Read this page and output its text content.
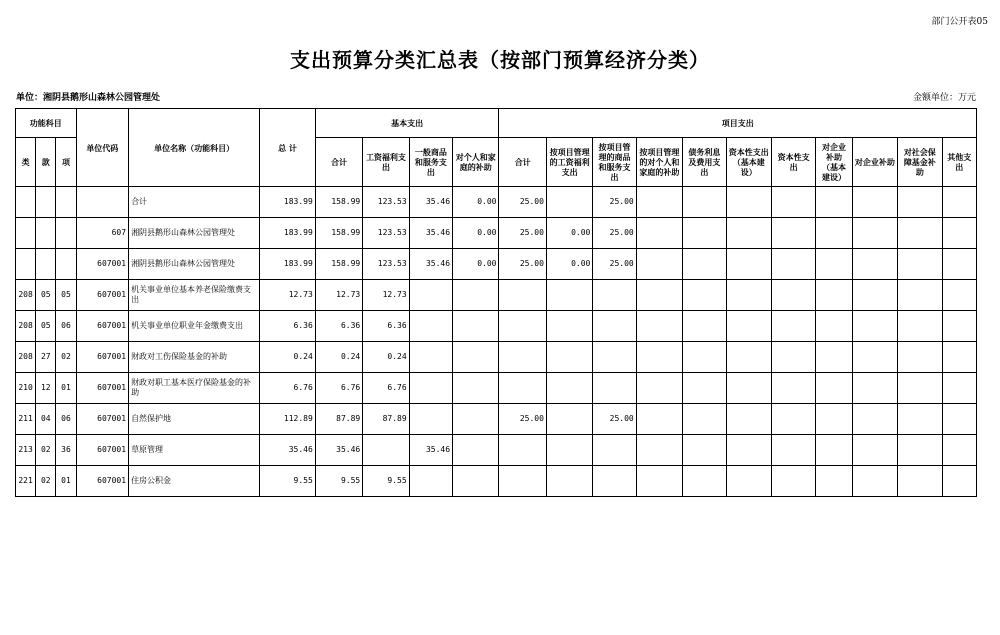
部门公开表05
支出预算分类汇总表（按部门预算经济分类）
单位：湘阴县鹅形山森林公园管理处	金额单位：万元
功能科目			单位代码	单位名称（功能科目）	总 计	基本支出				项目支出										
类	款	项				合计	工资福利支出	一般商品和服务支出	对个人和家庭的补助	合计	按项目管理的工资福利支出	按项目管理的商品和服务支出	按项目管理的对个人和家庭的补助	债务利息及费用支出	资本性支出（基本建设）	资本性支出	对企业补助（基本建设）	对企业补助	对社会保障基金补助	其他支出
				合计	183.99	158.99	123.53	35.46	0.00	25.00		25.00								
			607	湘阴县鹅形山森林公园管理处	183.99	158.99	123.53	35.46	0.00	25.00	0.00	25.00								
			607001	湘阴县鹅形山森林公园管理处	183.99	158.99	123.53	35.46	0.00	25.00	0.00	25.00								
208	05	05	607001	机关事业单位基本养老保险缴费支出	12.73	12.73	12.73													
208	05	06	607001	机关事业单位职业年金缴费支出	6.36	6.36	6.36													
208	27	02	607001	财政对工伤保险基金的补助	0.24	0.24	0.24													
210	12	01	607001	财政对职工基本医疗保险基金的补助	6.76	6.76	6.76													
211	04	06	607001	自然保护地	112.89	87.89	87.89			25.00		25.00								
213	02	36	607001	草原管理	35.46	35.46		35.46												
221	02	01	607001	住房公积金	9.55	9.55	9.55													
